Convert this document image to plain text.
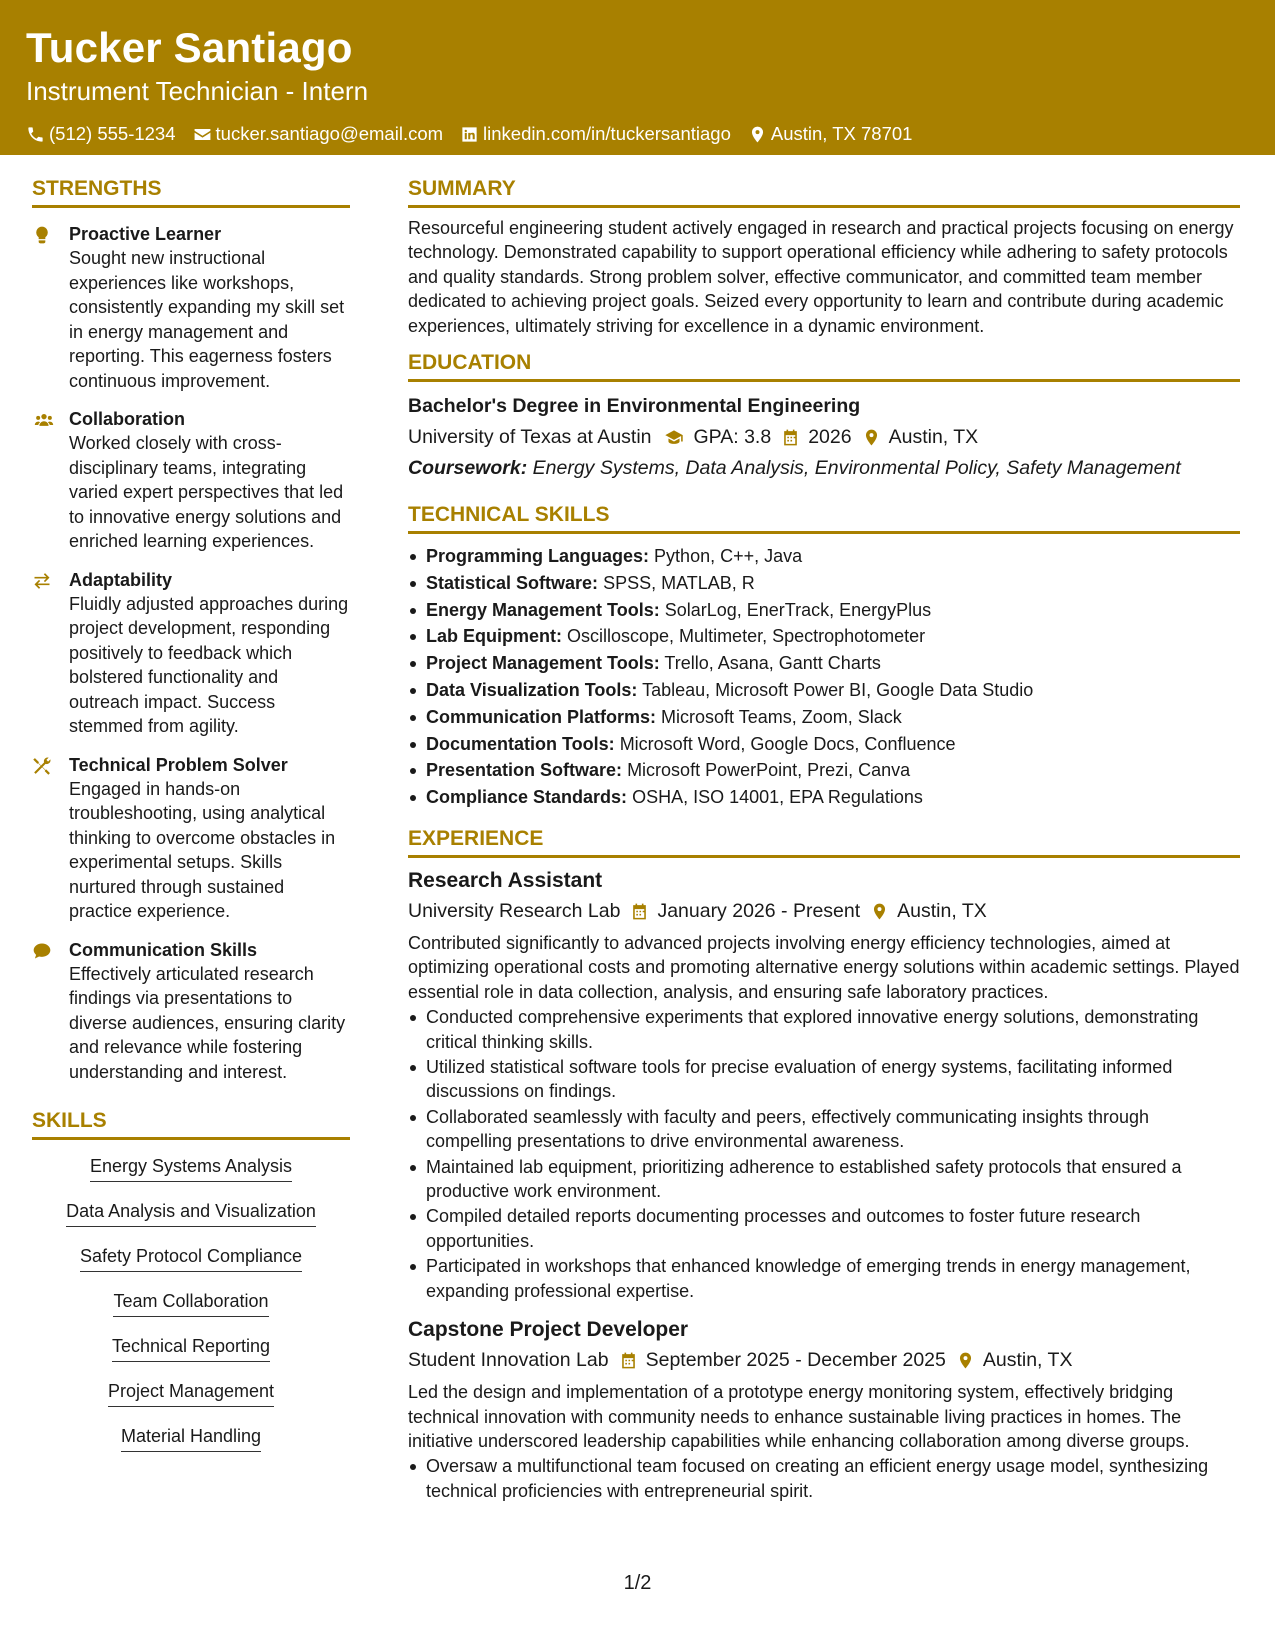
Tucker Santiago
Instrument Technician - Intern
(512) 555-1234 tucker.santiago@email.com linkedin.com/in/tuckersantiago Austin, TX 78701
STRENGTHS
Proactive Learner
Sought new instructional experiences like workshops, consistently expanding my skill set in energy management and reporting. This eagerness fosters continuous improvement.
Collaboration
Worked closely with cross-disciplinary teams, integrating varied expert perspectives that led to innovative energy solutions and enriched learning experiences.
Adaptability
Fluidly adjusted approaches during project development, responding positively to feedback which bolstered functionality and outreach impact. Success stemmed from agility.
Technical Problem Solver
Engaged in hands-on troubleshooting, using analytical thinking to overcome obstacles in experimental setups. Skills nurtured through sustained practice experience.
Communication Skills
Effectively articulated research findings via presentations to diverse audiences, ensuring clarity and relevance while fostering understanding and interest.
SKILLS
Energy Systems Analysis
Data Analysis and Visualization
Safety Protocol Compliance
Team Collaboration
Technical Reporting
Project Management
Material Handling
SUMMARY
Resourceful engineering student actively engaged in research and practical projects focusing on energy technology. Demonstrated capability to support operational efficiency while adhering to safety protocols and quality standards. Strong problem solver, effective communicator, and committed team member dedicated to achieving project goals. Seized every opportunity to learn and contribute during academic experiences, ultimately striving for excellence in a dynamic environment.
EDUCATION
Bachelor's Degree in Environmental Engineering
University of Texas at Austin GPA: 3.8 2026 Austin, TX
Coursework: Energy Systems, Data Analysis, Environmental Policy, Safety Management
TECHNICAL SKILLS
Programming Languages: Python, C++, Java
Statistical Software: SPSS, MATLAB, R
Energy Management Tools: SolarLog, EnerTrack, EnergyPlus
Lab Equipment: Oscilloscope, Multimeter, Spectrophotometer
Project Management Tools: Trello, Asana, Gantt Charts
Data Visualization Tools: Tableau, Microsoft Power BI, Google Data Studio
Communication Platforms: Microsoft Teams, Zoom, Slack
Documentation Tools: Microsoft Word, Google Docs, Confluence
Presentation Software: Microsoft PowerPoint, Prezi, Canva
Compliance Standards: OSHA, ISO 14001, EPA Regulations
EXPERIENCE
Research Assistant
University Research Lab January 2026 - Present Austin, TX
Contributed significantly to advanced projects involving energy efficiency technologies, aimed at optimizing operational costs and promoting alternative energy solutions within academic settings. Played essential role in data collection, analysis, and ensuring safe laboratory practices.
Conducted comprehensive experiments that explored innovative energy solutions, demonstrating critical thinking skills.
Utilized statistical software tools for precise evaluation of energy systems, facilitating informed discussions on findings.
Collaborated seamlessly with faculty and peers, effectively communicating insights through compelling presentations to drive environmental awareness.
Maintained lab equipment, prioritizing adherence to established safety protocols that ensured a productive work environment.
Compiled detailed reports documenting processes and outcomes to foster future research opportunities.
Participated in workshops that enhanced knowledge of emerging trends in energy management, expanding professional expertise.
Capstone Project Developer
Student Innovation Lab September 2025 - December 2025 Austin, TX
Led the design and implementation of a prototype energy monitoring system, effectively bridging technical innovation with community needs to enhance sustainable living practices in homes. The initiative underscored leadership capabilities while enhancing collaboration among diverse groups.
Oversaw a multifunctional team focused on creating an efficient energy usage model, synthesizing technical proficiencies with entrepreneurial spirit.
1/2
